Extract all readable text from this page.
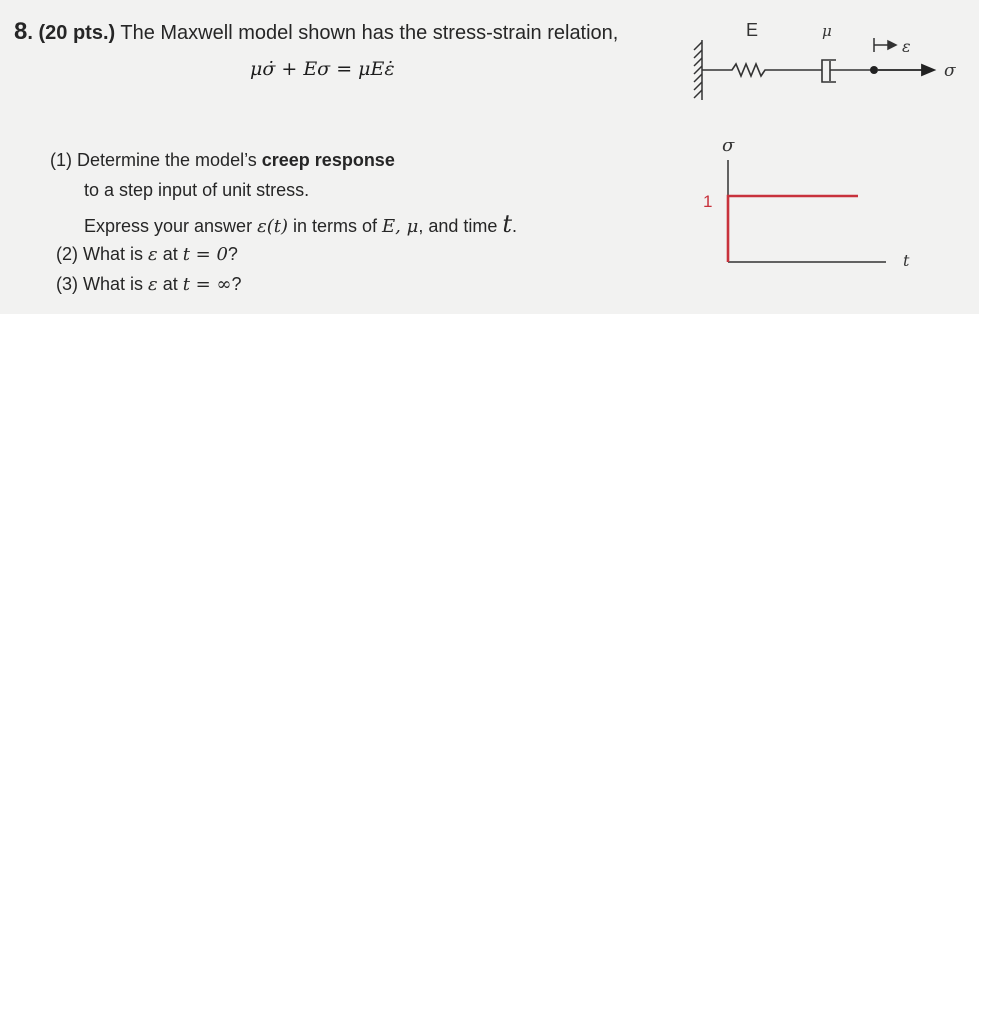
8. (20 pts.) The Maxwell model shown has the stress-strain relation,
μσ̇ + Eσ = μEε̇
(1) Determine the model’s creep response
to a step input of unit stress.
Express your answer ε(t) in terms of E, μ, and time t.
(2) What is ε at t = 0?
(3) What is ε at t = ∞?
E	μ
ε
σ
σ
1
t
